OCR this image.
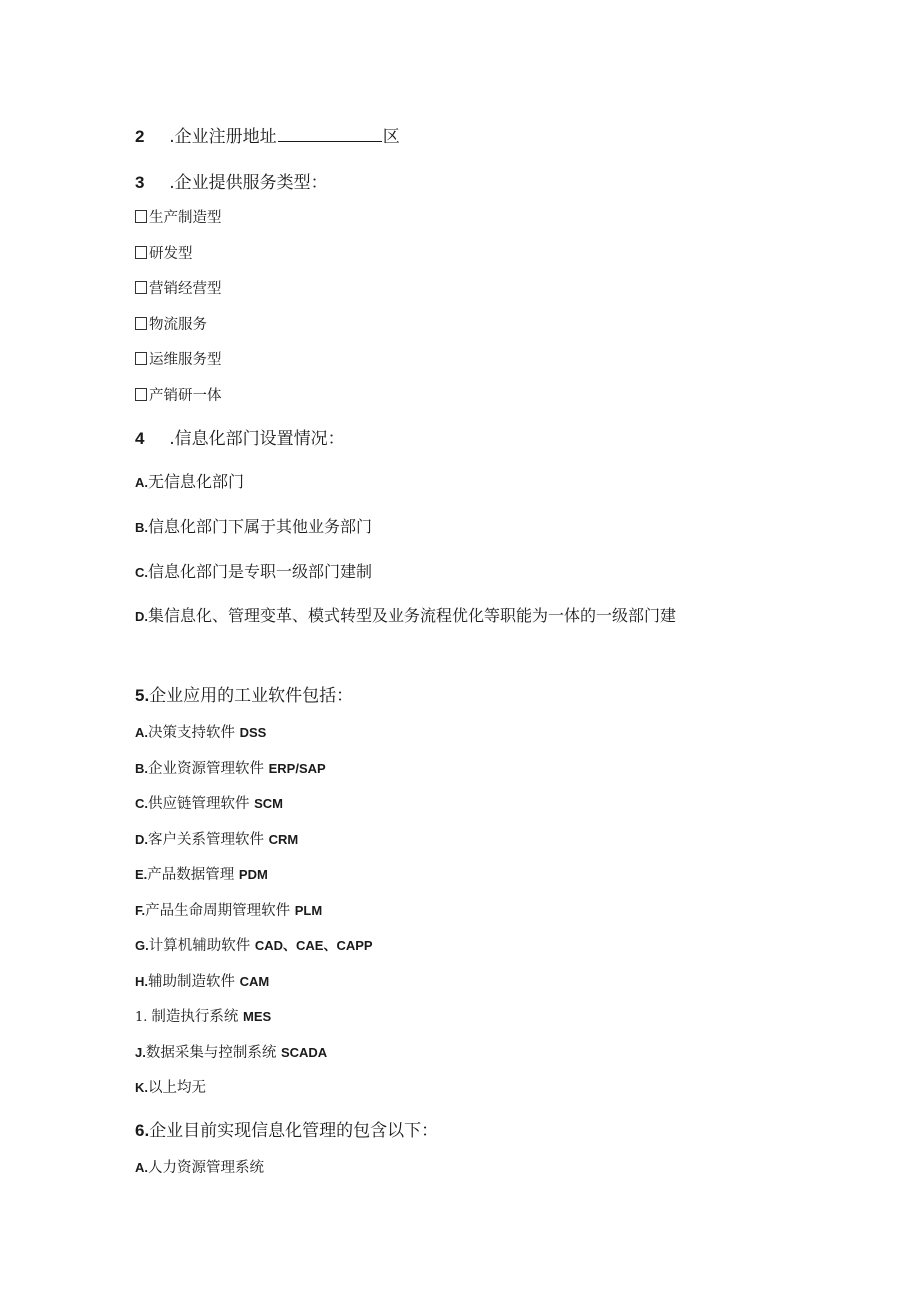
2 .企业注册地址	区
3 .企业提供服务类型：
生产制造型
研发型
营销经营型
物流服务
运维服务型
产销研一体
4 .信息化部门设置情况：
A.无信息化部门
B.信息化部门下属于其他业务部门
C.信息化部门是专职一级部门建制
D.集信息化、管理变革、模式转型及业务流程优化等职能为一体的一级部门建
5.企业应用的工业软件包括：
A.决策支持软件 DSS
B.企业资源管理软件 ERP/SAP
C.供应链管理软件 SCM
D.客户关系管理软件 CRM
E.产品数据管理 PDM
F.产品生命周期管理软件 PLM
G.计算机辅助软件 CAD、CAE、CAPP
H.辅助制造软件 CAM
1. 制造执行系统 MES
J.数据采集与控制系统 SCADA
K.以上均无
6.企业目前实现信息化管理的包含以下：
A.人力资源管理系统
